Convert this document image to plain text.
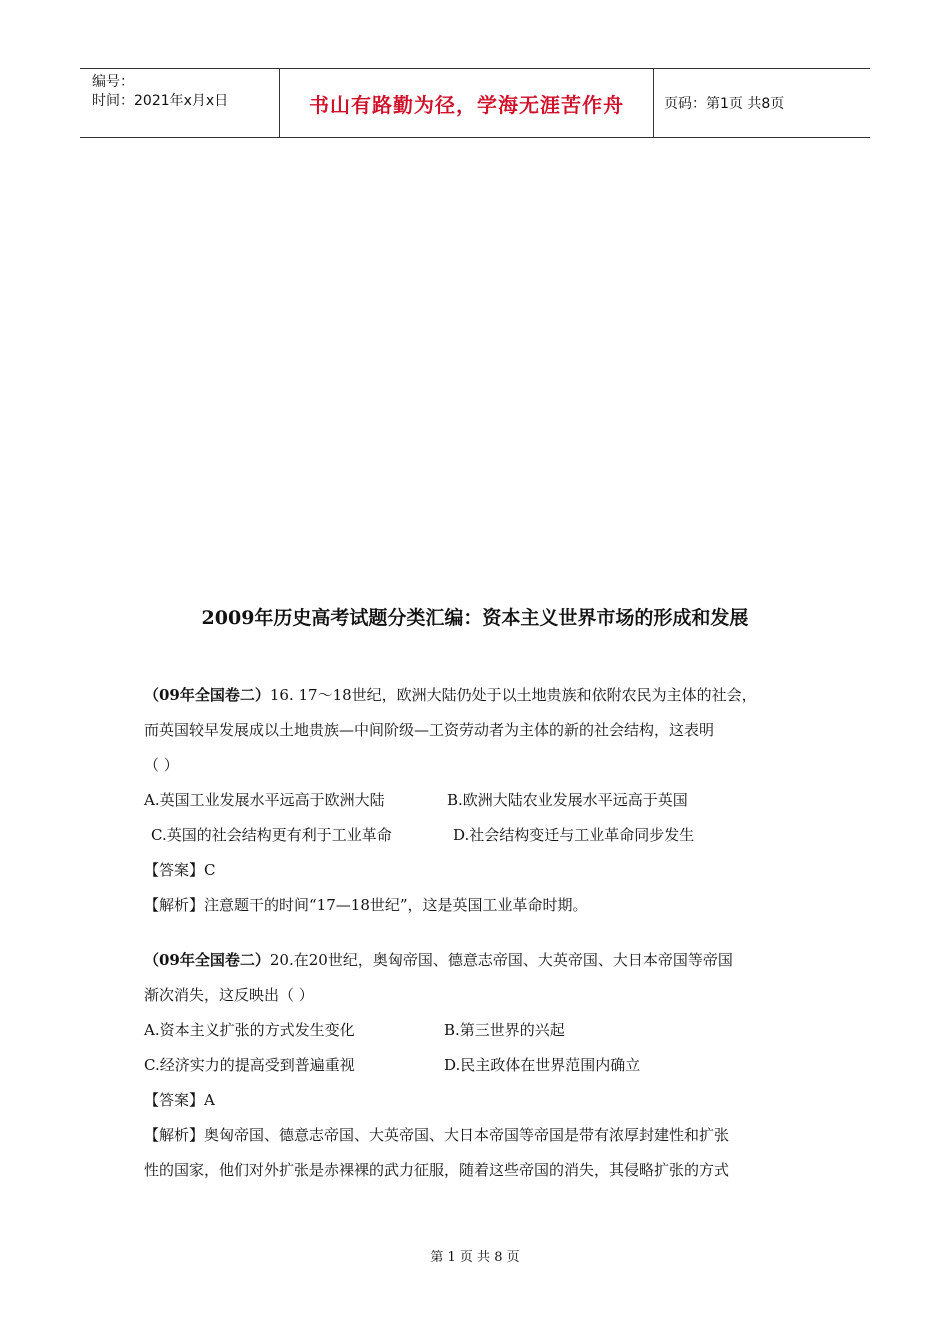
编号：
时间：2021年x月x日	书山有路勤为径，学海无涯苦作舟	页码：第1页 共8页
2009年历史高考试题分类汇编：资本主义世界市场的形成和发展
（09年全国卷二）16. 17～18世纪，欧洲大陆仍处于以土地贵族和依附农民为主体的社会，
而英国较早发展成以土地贵族—中间阶级—工资劳动者为主体的新的社会结构，这表明
（ ）
A.英国工业发展水平远高于欧洲大陆	B.欧洲大陆农业发展水平远高于英国
C.英国的社会结构更有利于工业革命	D.社会结构变迁与工业革命同步发生
【答案】C
【解析】注意题干的时间“17—18世纪”，这是英国工业革命时期。
（09年全国卷二）20.在20世纪，奥匈帝国、德意志帝国、大英帝国、大日本帝国等帝国
渐次消失，这反映出（ ）
A.资本主义扩张的方式发生变化	B.第三世界的兴起
C.经济实力的提高受到普遍重视	D.民主政体在世界范围内确立
【答案】A
【解析】奥匈帝国、德意志帝国、大英帝国、大日本帝国等帝国是带有浓厚封建性和扩张
性的国家，他们对外扩张是赤裸裸的武力征服，随着这些帝国的消失，其侵略扩张的方式
第 1 页 共 8 页
